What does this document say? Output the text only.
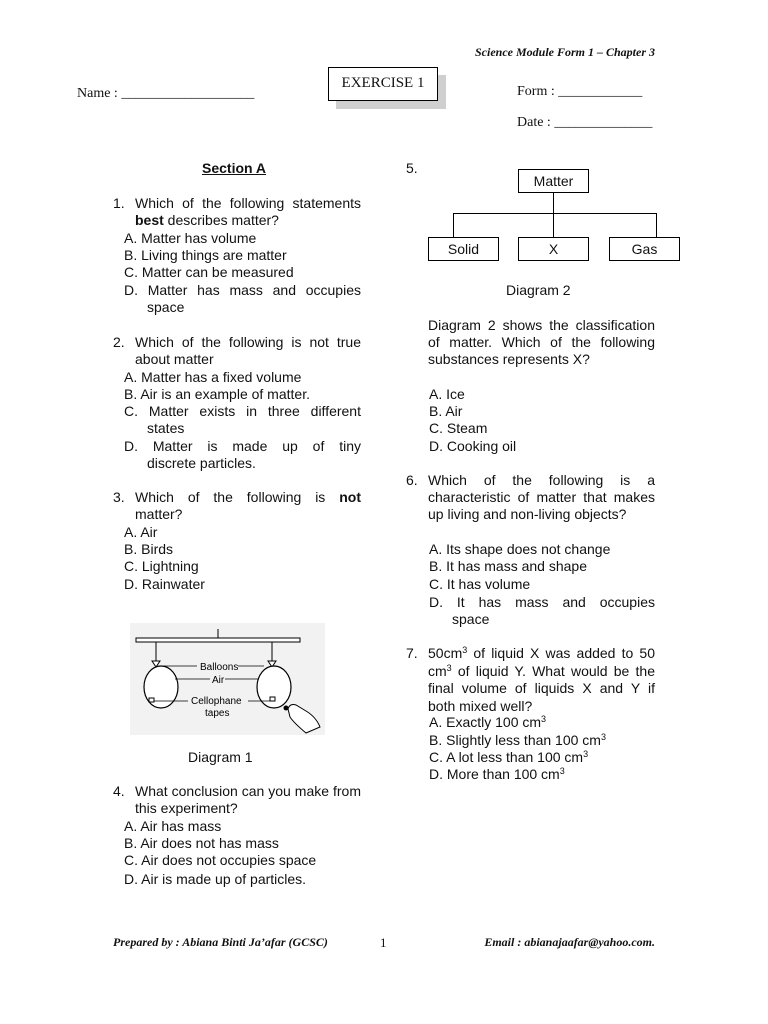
Science Module Form 1 – Chapter 3
EXERCISE 1
Name : ___________________	Form : ____________
Date : ______________
Section A
1. Which of the following statements best describes matter?
A. Matter has volume
B. Living things are matter
C. Matter can be measured
D. Matter has mass and occupies
space
2. Which of the following is not true about matter
A. Matter has a fixed volume
B. Air is an example of matter.
C. Matter exists in three different
states
D. Matter is made up of tiny
discrete particles.
3. Which of the following is not matter?
A. Air
B. Birds
C. Lightning
D. Rainwater
Balloons
Air
Cellophane
tapes
Diagram 1
4. What conclusion can you make from this experiment?
A. Air has mass
B. Air does not has mass
C. Air does not occupies space
D. Air is made up of particles.
5.
Matter
Solid	X	Gas
Diagram 2
Diagram 2 shows the classification of matter. Which of the following substances represents X?
A. Ice
B. Air
C. Steam
D. Cooking oil
6. Which of the following is a characteristic of matter that makes up living and non-living objects?
A. Its shape does not change
B. It has mass and shape
C. It has volume
D. It has mass and occupies
space
7. $50cm^3$ of liquid X was added to 50 $cm^3$ of liquid Y. What would be the final volume of liquids X and Y if both mixed well?
A. Exactly 100 $cm^3$
B. Slightly less than 100 $cm^3$
C. A lot less than 100 $cm^3$
D. More than 100 $cm^3$
Prepared by : Abiana Binti Ja’afar (GCSC)	1	Email : abianajaafar@yahoo.com.
